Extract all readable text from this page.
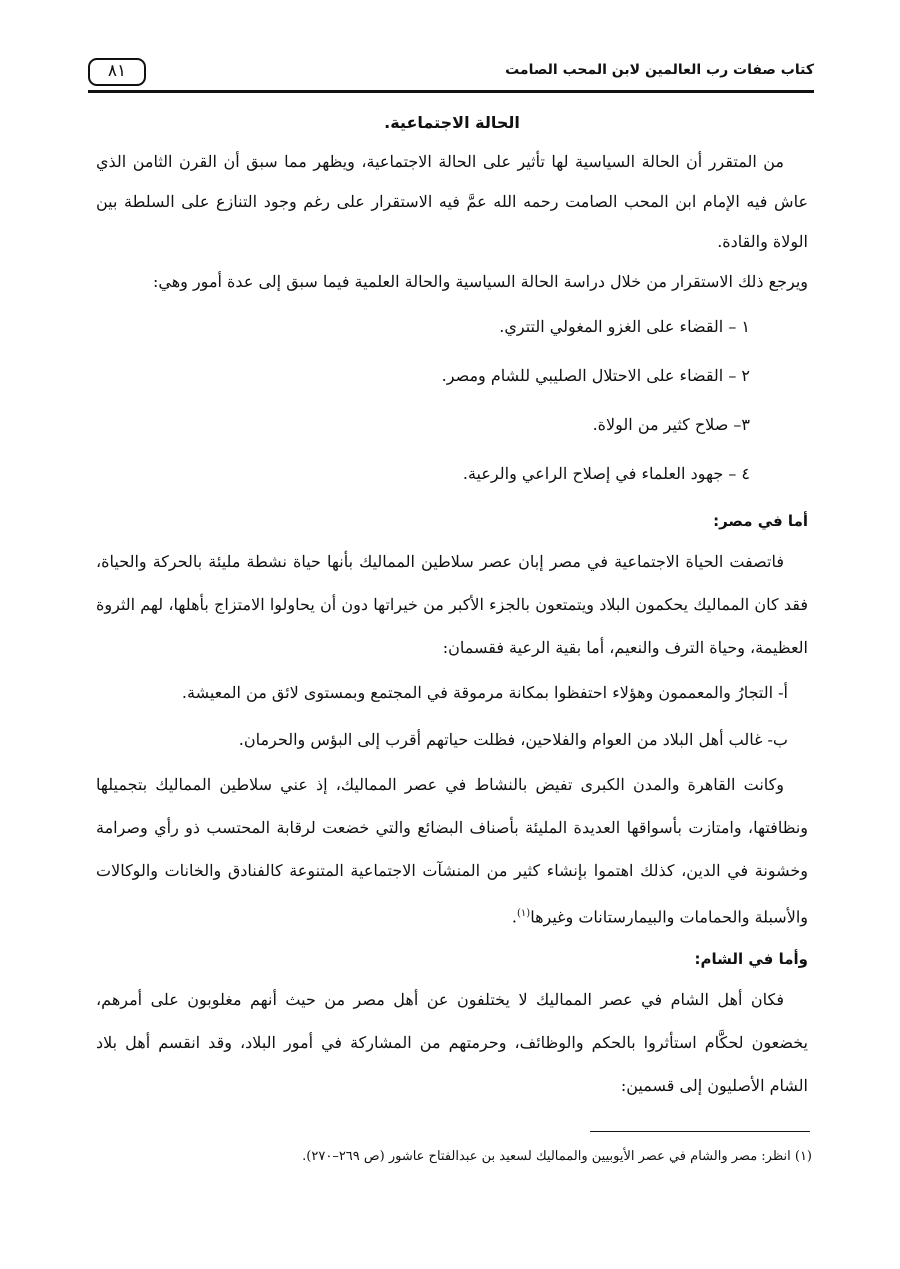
٨١	كتاب صفات رب العالمين لابن المحب الصامت
الحالة الاجتماعية.

من المتقرر أن الحالة السياسية لها تأثير على الحالة الاجتماعية، ويظهر مما سبق أن القرن الثامن الذي عاش فيه الإمام ابن المحب الصامت رحمه الله عمَّ فيه الاستقرار على رغم وجود التنازع على السلطة بين الولاة والقادة.

ويرجع ذلك الاستقرار من خلال دراسة الحالة السياسية والحالة العلمية فيما سبق إلى عدة أمور وهي:

١ – القضاء على الغزو المغولي التتري.

٢ – القضاء على الاحتلال الصليبي للشام ومصر.

٣– صلاح كثير من الولاة.

٤ – جهود العلماء في إصلاح الراعي والرعية.

أما في مصر:

فاتصفت الحياة الاجتماعية في مصر إبان عصر سلاطين المماليك بأنها حياة نشطة مليئة بالحركة والحياة، فقد كان المماليك يحكمون البلاد ويتمتعون بالجزء الأكبر من خيراتها دون أن يحاولوا الامتزاج بأهلها، لهم الثروة العظيمة، وحياة الترف والنعيم، أما بقية الرعية فقسمان:

أ- التجارُ والمعممون وهؤلاء احتفظوا بمكانة مرموقة في المجتمع وبمستوى لائق من المعيشة.

ب- غالب أهل البلاد من العوام والفلاحين، فظلت حياتهم أقرب إلى البؤس والحرمان.

وكانت القاهرة والمدن الكبرى تفيض بالنشاط في عصر المماليك، إذ عني سلاطين المماليك بتجميلها ونظافتها، وامتازت بأسواقها العديدة المليئة بأصناف البضائع والتي خضعت لرقابة المحتسب ذو رأي وصرامة وخشونة في الدين، كذلك اهتموا بإنشاء كثير من المنشآت الاجتماعية المتنوعة كالفنادق والخانات والوكالات والأسبلة والحمامات والبيمارستانات وغيرها$^{(١)}$.

وأما في الشام:

فكان أهل الشام في عصر المماليك لا يختلفون عن أهل مصر من حيث أنهم مغلوبون على أمرهم، يخضعون لحكَّام استأثروا بالحكم والوظائف، وحرمتهم من المشاركة في أمور البلاد، وقد انقسم أهل بلاد الشام الأصليون إلى قسمين:

(١) انظر: مصر والشام في عصر الأيوبيين والمماليك لسعيد بن عبدالفتاح عاشور (ص ٢٦٩–٢٧٠).
